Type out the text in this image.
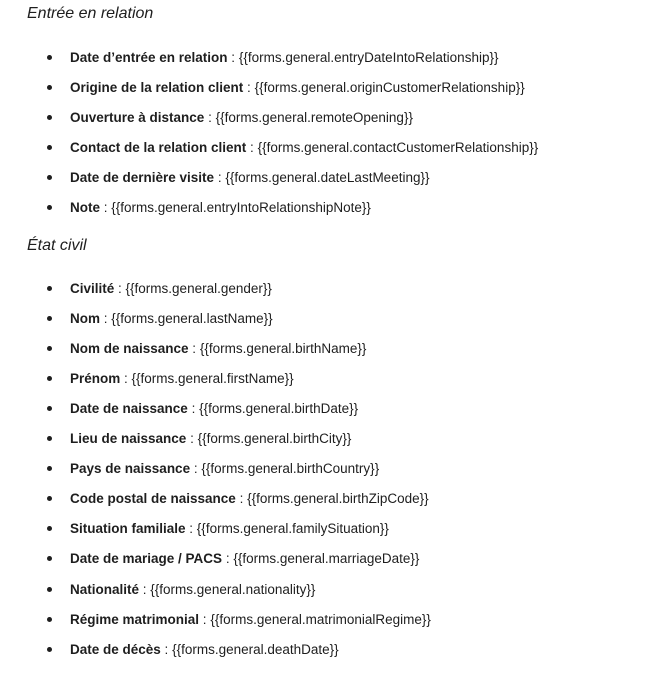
Entrée en relation
Date d’entrée en relation : {{forms.general.entryDateIntoRelationship}}
Origine de la relation client : {{forms.general.originCustomerRelationship}}
Ouverture à distance : {{forms.general.remoteOpening}}
Contact de la relation client : {{forms.general.contactCustomerRelationship}}
Date de dernière visite : {{forms.general.dateLastMeeting}}
Note : {{forms.general.entryIntoRelationshipNote}}
État civil
Civilité : {{forms.general.gender}}
Nom : {{forms.general.lastName}}
Nom de naissance : {{forms.general.birthName}}
Prénom : {{forms.general.firstName}}
Date de naissance : {{forms.general.birthDate}}
Lieu de naissance : {{forms.general.birthCity}}
Pays de naissance : {{forms.general.birthCountry}}
Code postal de naissance : {{forms.general.birthZipCode}}
Situation familiale : {{forms.general.familySituation}}
Date de mariage / PACS : {{forms.general.marriageDate}}
Nationalité : {{forms.general.nationality}}
Régime matrimonial : {{forms.general.matrimonialRegime}}
Date de décès : {{forms.general.deathDate}}
